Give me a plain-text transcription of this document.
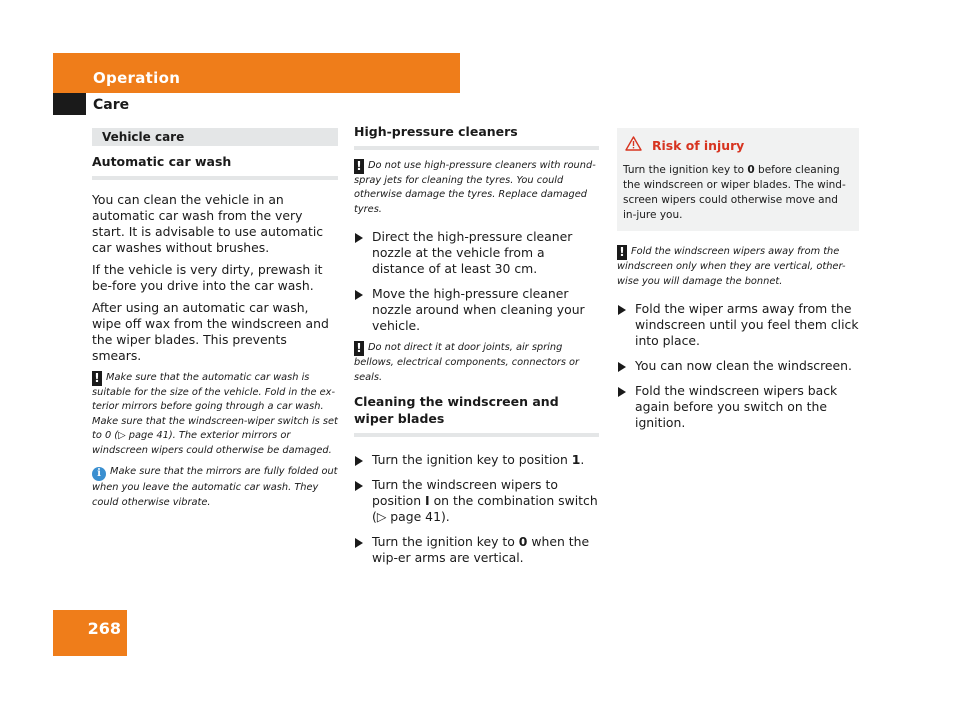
Operation
Care
268
Vehicle care
Automatic car wash

You can clean the vehicle in an automatic car wash from the very start. It is advisable to use automatic car washes without brushes.

If the vehicle is very dirty, prewash it be-fore you drive into the car wash.

After using an automatic car wash, wipe off wax from the windscreen and the wiper blades. This prevents smears.

! Make sure that the automatic car wash is suitable for the size of the vehicle. Fold in the ex-terior mirrors before going through a car wash. Make sure that the windscreen-wiper switch is set to 0 (▷ page 41). The exterior mirrors or windscreen wipers could otherwise be damaged.
i Make sure that the mirrors are fully folded out when you leave the automatic car wash. They could otherwise vibrate.
High-pressure cleaners
! Do not use high-pressure cleaners with round-spray jets for cleaning the tyres. You could otherwise damage the tyres. Replace damaged tyres.
Direct the high-pressure cleaner nozzle at the vehicle from a distance of at least 30 cm.
Move the high-pressure cleaner nozzle around when cleaning your vehicle.
! Do not direct it at door joints, air spring bellows, electrical components, connectors or seals.
Cleaning the windscreen and wiper blades
Turn the ignition key to position 1.
Turn the windscreen wipers to position I on the combination switch (▷ page 41).
Turn the ignition key to 0 when the wip-er arms are vertical.
Risk of injury
Turn the ignition key to 0 before cleaning the windscreen or wiper blades. The wind-screen wipers could otherwise move and in-jure you.
! Fold the windscreen wipers away from the windscreen only when they are vertical, other-wise you will damage the bonnet.
Fold the wiper arms away from the windscreen until you feel them click into place.
You can now clean the windscreen.
Fold the windscreen wipers back again before you switch on the ignition.
